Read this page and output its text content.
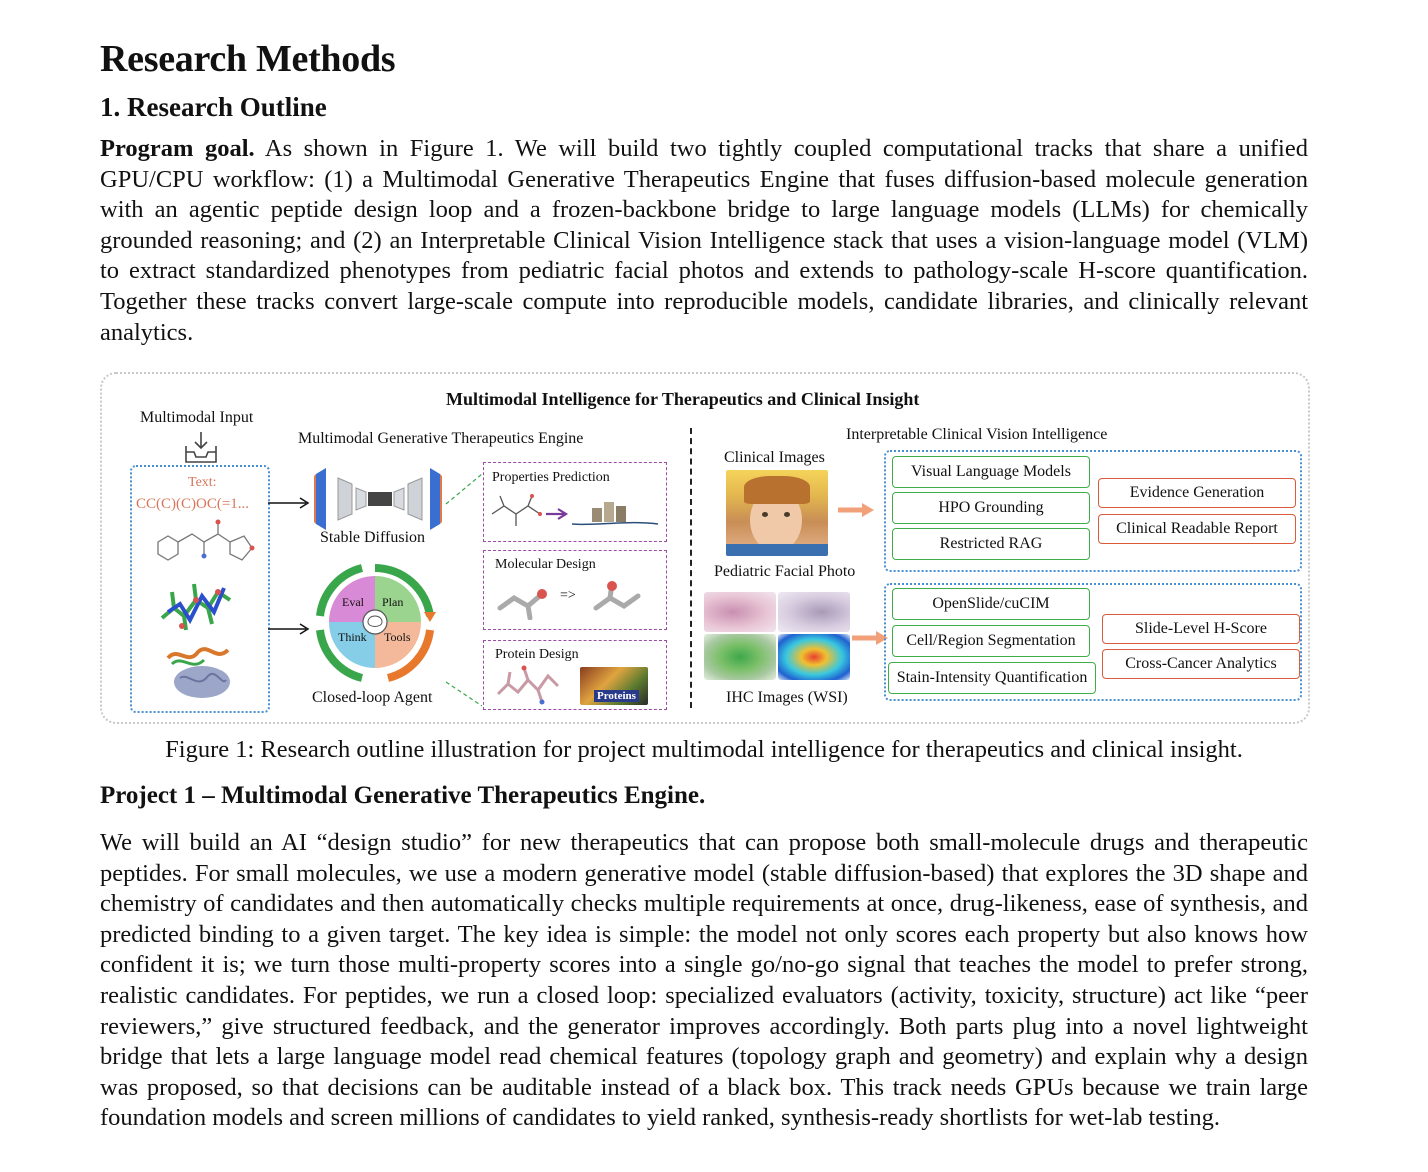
Research Methods
1. Research Outline

Program goal. As shown in Figure 1. We will build two tightly coupled computational tracks that share a unified GPU/CPU workflow: (1) a Multimodal Generative Therapeutics Engine that fuses diffusion-based molecule generation with an agentic peptide design loop and a frozen-backbone bridge to large language models (LLMs) for chemically grounded reasoning; and (2) an Interpretable Clinical Vision Intelligence stack that uses a vision-language model (VLM) to extract standardized phenotypes from pediatric facial photos and extends to pathology-scale H-score quantification. Together these tracks convert large-scale compute into reproducible models, candidate libraries, and clinically relevant analytics.

Multimodal Intelligence for Therapeutics and Clinical Insight
Multimodal Input
Text:
CC(C)(C)OC(=1...
Multimodal Generative Therapeutics Engine
Stable Diffusion
Eval Plan
Think Tools
Closed-loop Agent
Properties Prediction
Molecular Design
=>
Protein Design
Proteins
Interpretable Clinical Vision Intelligence
Clinical Images
Pediatric Facial Photo
IHC Images (WSI)
Visual Language Models
HPO Grounding
Restricted RAG
Evidence Generation
Clinical Readable Report
OpenSlide/cuCIM
Cell/Region Segmentation
Stain-Intensity Quantification
Slide-Level H-Score
Cross-Cancer Analytics
Figure 1: Research outline illustration for project multimodal intelligence for therapeutics and clinical insight.
Project 1 – Multimodal Generative Therapeutics Engine.

We will build an AI “design studio” for new therapeutics that can propose both small-molecule drugs and therapeutic peptides. For small molecules, we use a modern generative model (stable diffusion-based) that explores the 3D shape and chemistry of candidates and then automatically checks multiple requirements at once, drug-likeness, ease of synthesis, and predicted binding to a given target. The key idea is simple: the model not only scores each property but also knows how confident it is; we turn those multi-property scores into a single go/no-go signal that teaches the model to prefer strong, realistic candidates. For peptides, we run a closed loop: specialized evaluators (activity, toxicity, structure) act like “peer reviewers,” give structured feedback, and the generator improves accordingly. Both parts plug into a novel lightweight bridge that lets a large language model read chemical features (topology graph and geometry) and explain why a design was proposed, so that decisions can be auditable instead of a black box. This track needs GPUs because we train large foundation models and screen millions of candidates to yield ranked, synthesis-ready shortlists for wet-lab testing.
